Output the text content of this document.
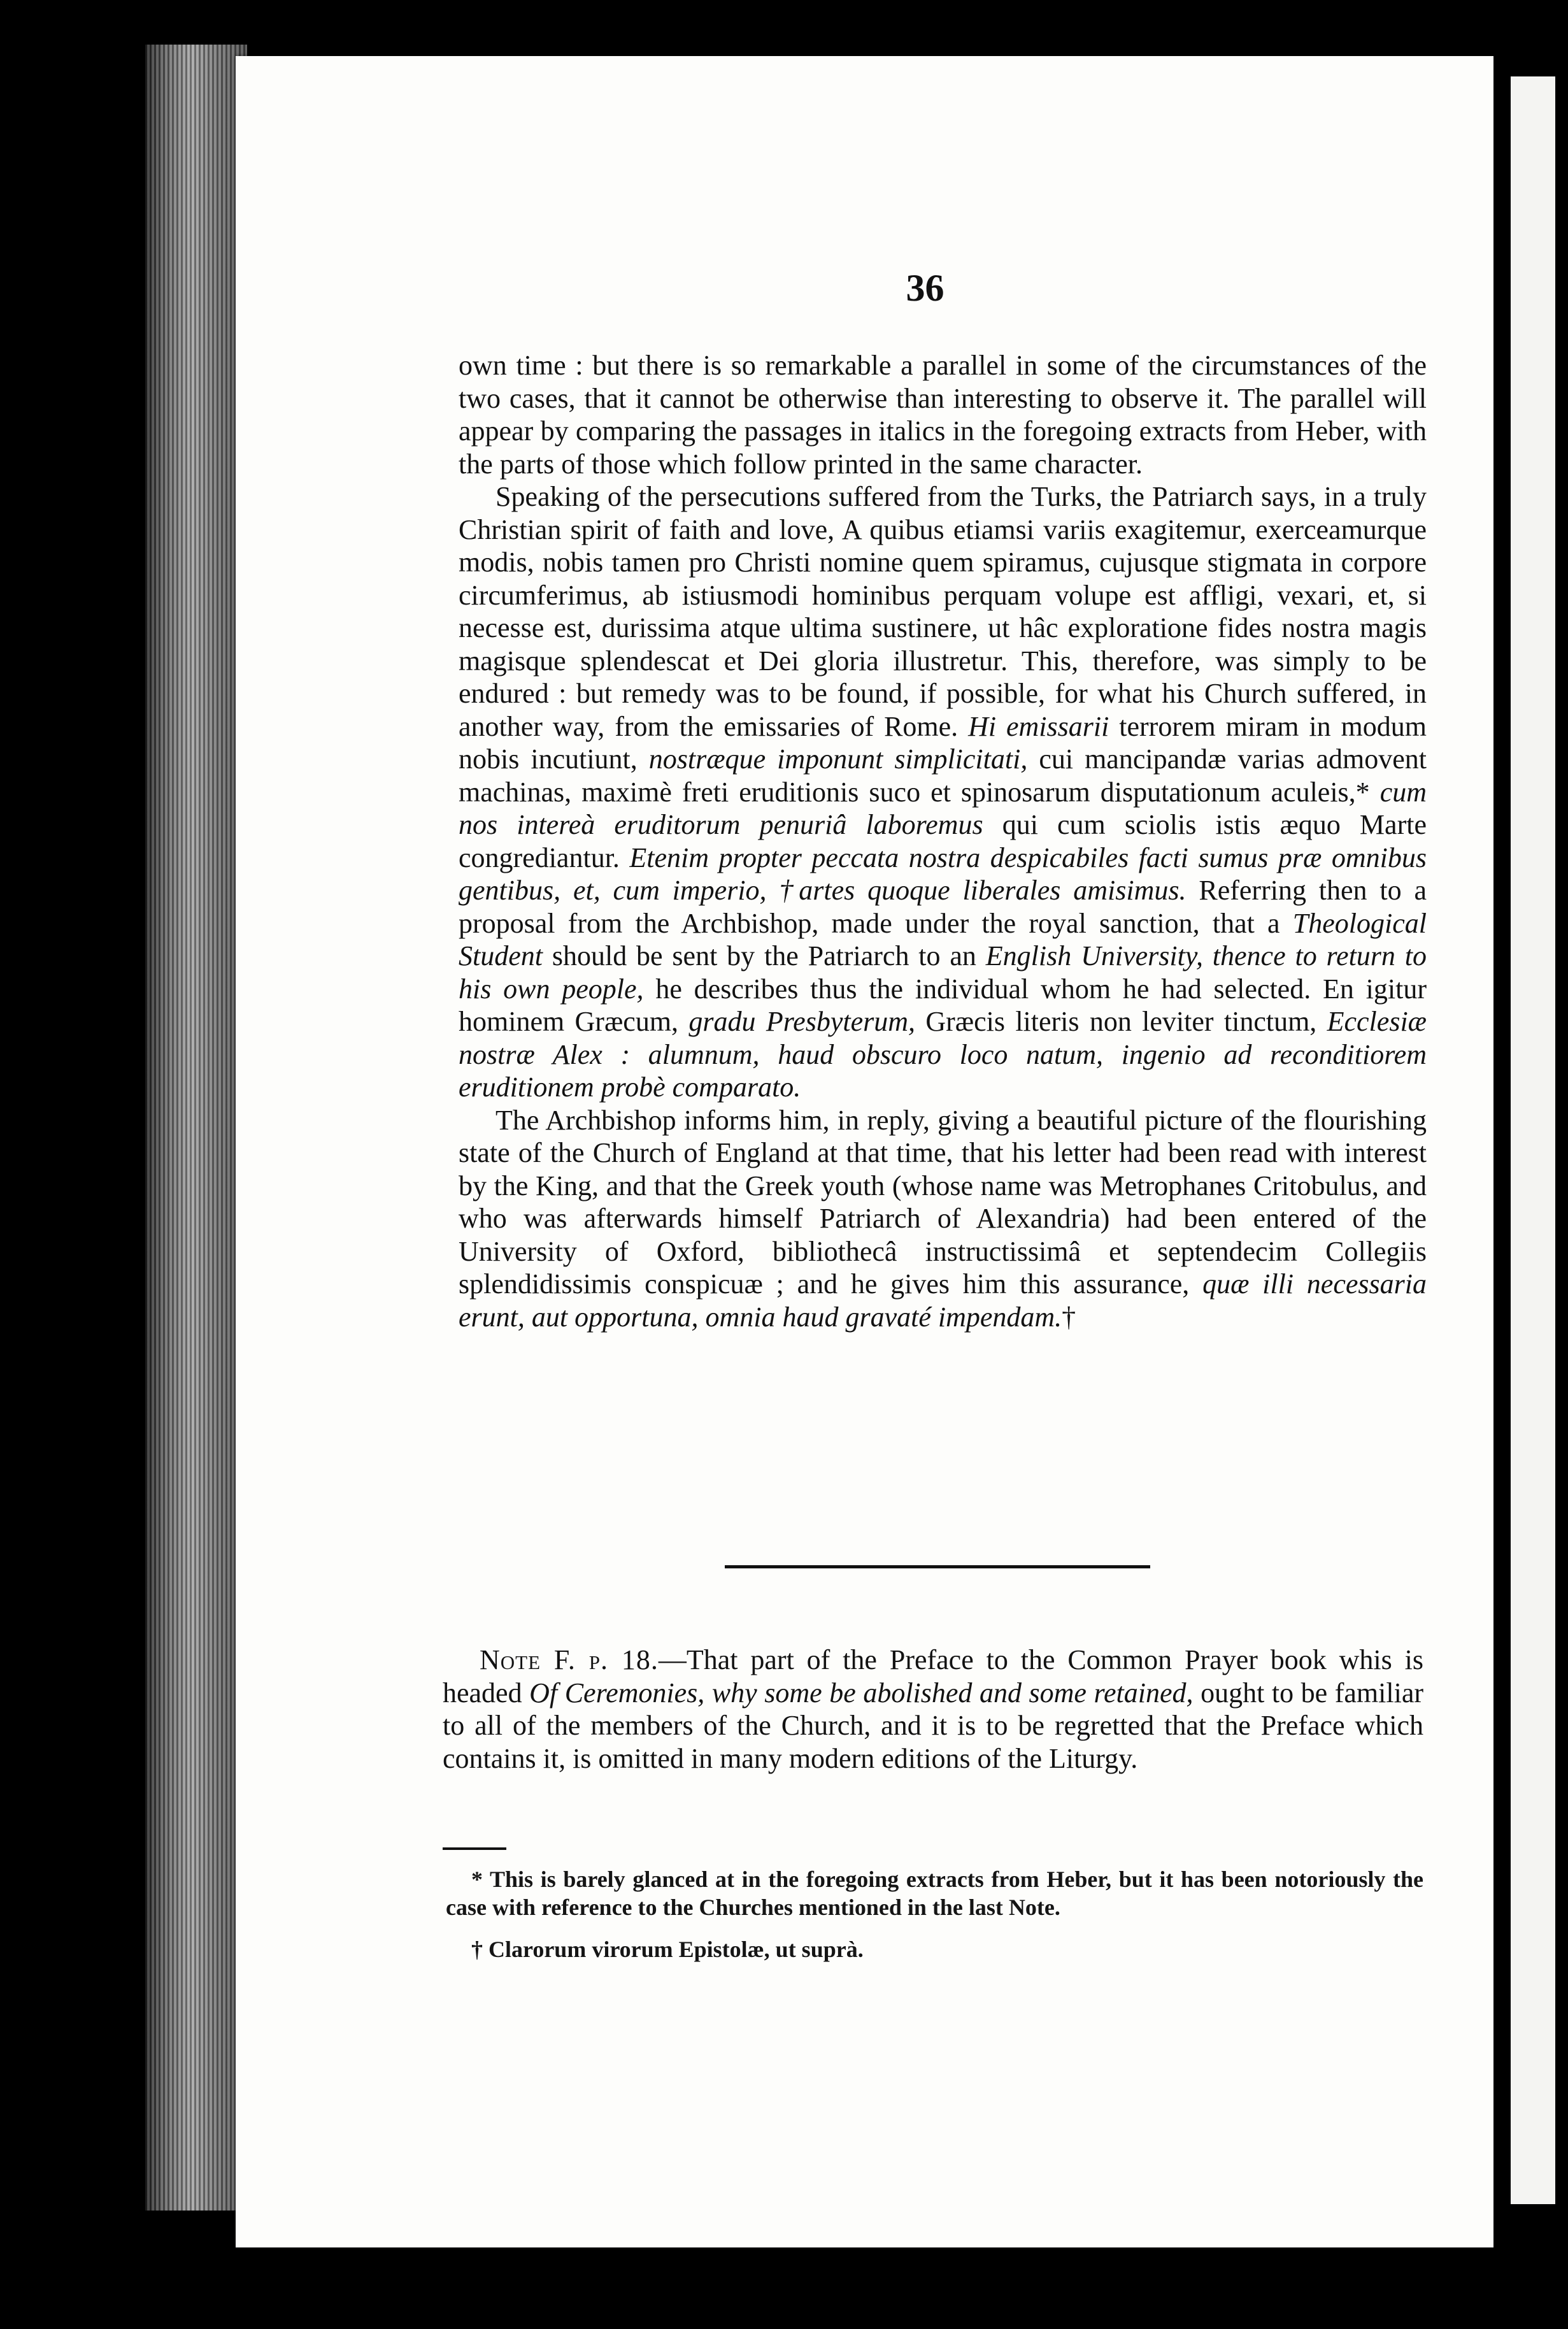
36

own time : but there is so remarkable a parallel in some of the circumstances of the two cases, that it cannot be otherwise than interesting to observe it. The parallel will appear by comparing the passages in italics in the foregoing extracts from Heber, with the parts of those which follow printed in the same character.

Speaking of the persecutions suffered from the Turks, the Patriarch says, in a truly Christian spirit of faith and love, A quibus etiamsi variis exagitemur, exerceamurque modis, nobis tamen pro Christi nomine quem spiramus, cujusque stigmata in corpore circumferimus, ab istiusmodi hominibus perquam volupe est affligi, vexari, et, si necesse est, durissima atque ultima sustinere, ut hâc exploratione fides nostra magis magisque splendescat et Dei gloria illustretur. This, therefore, was simply to be endured : but remedy was to be found, if possible, for what his Church suffered, in another way, from the emissaries of Rome. Hi emissarii terrorem miram in modum nobis incutiunt, nostræque imponunt simplicitati, cui mancipandæ varias admovent machinas, maximè freti eruditionis suco et spinosarum disputationum aculeis,* cum nos intereà eruditorum penuriâ laboremus qui cum sciolis istis æquo Marte congrediantur. Etenim propter peccata nostra despicabiles facti sumus præ omnibus gentibus, et, cum imperio, †artes quoque liberales amisimus. Referring then to a proposal from the Archbishop, made under the royal sanction, that a Theological Student should be sent by the Patriarch to an English University, thence to return to his own people, he describes thus the individual whom he had selected. En igitur hominem Græcum, gradu Presbyterum, Græcis literis non leviter tinctum, Ecclesiæ nostræ Alex : alumnum, haud obscuro loco natum, ingenio ad reconditiorem eruditionem probè comparato.

The Archbishop informs him, in reply, giving a beautiful picture of the flourishing state of the Church of England at that time, that his letter had been read with interest by the King, and that the Greek youth (whose name was Metrophanes Critobulus, and who was afterwards himself Patriarch of Alexandria) had been entered of the University of Oxford, bibliothecâ instructissimâ et septendecim Collegiis splendidissimis conspicuæ ; and he gives him this assurance, quæ illi necessaria erunt, aut opportuna, omnia haud gravaté impendam.†

Note F. p. 18.—That part of the Preface to the Common Prayer book whis is headed Of Ceremonies, why some be abolished and some retained, ought to be familiar to all of the members of the Church, and it is to be regretted that the Preface which contains it, is omitted in many modern editions of the Liturgy.

* This is barely glanced at in the foregoing extracts from Heber, but it has been notoriously the case with reference to the Churches mentioned in the last Note.

† Clarorum virorum Epistolæ, ut suprà.
